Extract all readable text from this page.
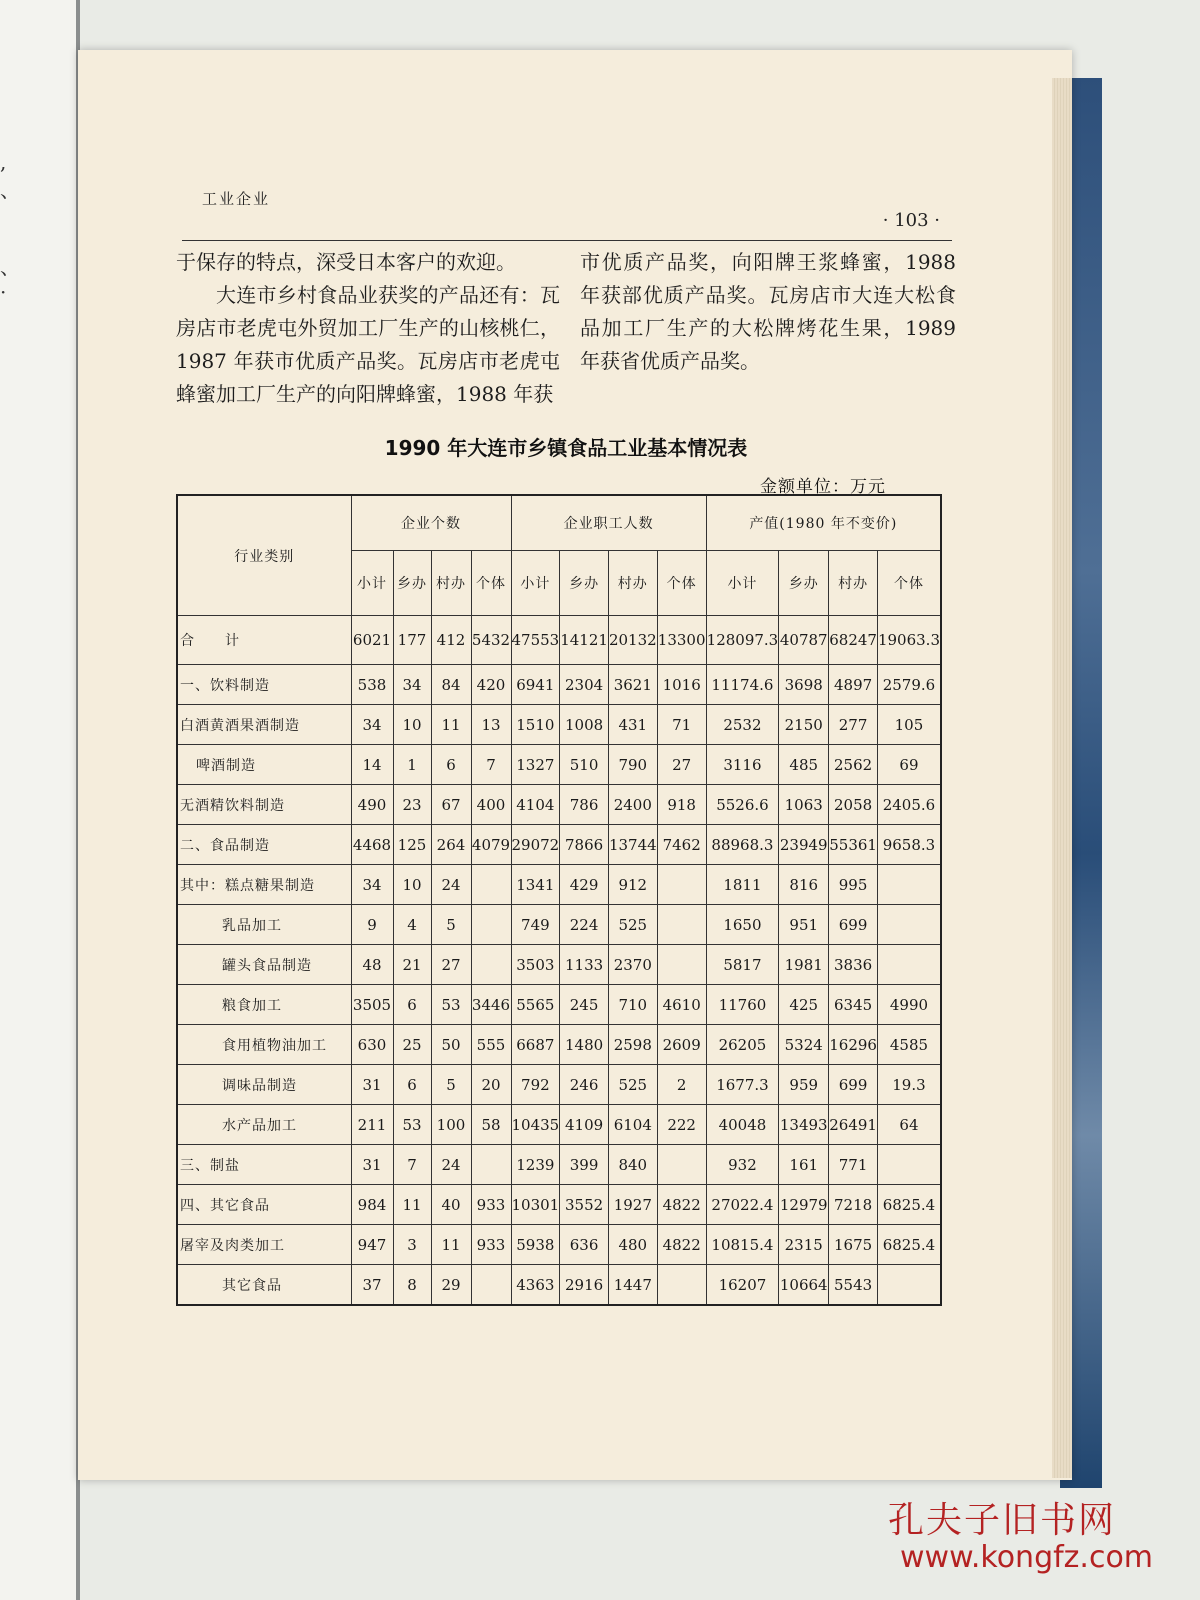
工业企业
· 103 ·

于保存的特点，深受日本客户的欢迎。

大连市乡村食品业获奖的产品还有：瓦房店市老虎屯外贸加工厂生产的山核桃仁，1987 年获市优质产品奖。瓦房店市老虎屯蜂蜜加工厂生产的向阳牌蜂蜜，1988 年获

市优质产品奖，向阳牌王浆蜂蜜，1988 年获部优质产品奖。瓦房店市大连大松食品加工厂生产的大松牌烤花生果，1989 年获省优质产品奖。

1990 年大连市乡镇食品工业基本情况表
金额单位：万元
行业类别	企业个数				企业职工人数				产值(1980 年不变价)			
	小计	乡办	村办	个体	小计	乡办	村办	个体	小计	乡办	村办	个体
合　　计	6021	177	412	5432	47553	14121	20132	13300	128097.3	40787	68247	19063.3
一、饮料制造	538	34	84	420	6941	2304	3621	1016	11174.6	3698	4897	2579.6
白酒黄酒果酒制造	34	10	11	13	1510	1008	431	71	2532	2150	277	105
啤酒制造	14	1	6	7	1327	510	790	27	3116	485	2562	69
无酒精饮料制造	490	23	67	400	4104	786	2400	918	5526.6	1063	2058	2405.6
二、食品制造	4468	125	264	4079	29072	7866	13744	7462	88968.3	23949	55361	9658.3
其中：糕点糖果制造	34	10	24		1341	429	912		1811	816	995	
乳品加工	9	4	5		749	224	525		1650	951	699	
罐头食品制造	48	21	27		3503	1133	2370		5817	1981	3836	
粮食加工	3505	6	53	3446	5565	245	710	4610	11760	425	6345	4990
食用植物油加工	630	25	50	555	6687	1480	2598	2609	26205	5324	16296	4585
调味品制造	31	6	5	20	792	246	525	2	1677.3	959	699	19.3
水产品加工	211	53	100	58	10435	4109	6104	222	40048	13493	26491	64
三、制盐	31	7	24		1239	399	840		932	161	771	
四、其它食品	984	11	40	933	10301	3552	1927	4822	27022.4	12979	7218	6825.4
屠宰及肉类加工	947	3	11	933	5938	636	480	4822	10815.4	2315	1675	6825.4
其它食品	37	8	29		4363	2916	1447		16207	10664	5543	
,
、

、
·
孔夫子旧书网
www.kongfz.com
